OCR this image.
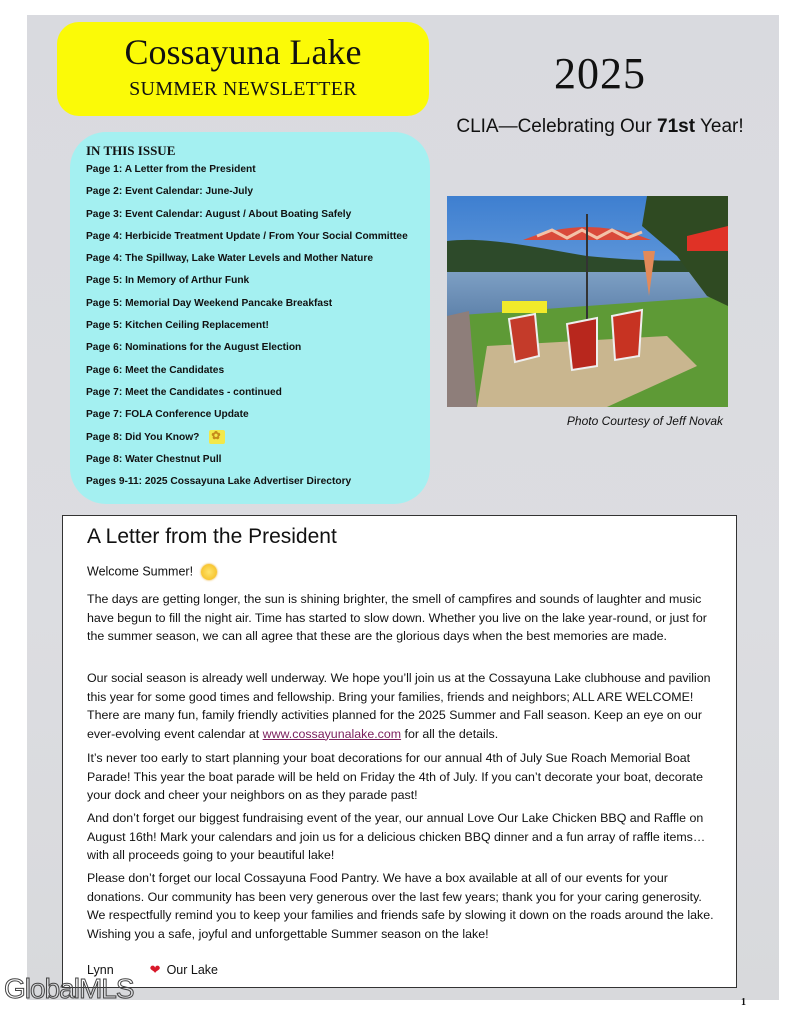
Cossayuna Lake
SUMMER NEWSLETTER	2025
CLIA—Celebrating Our 71st Year!
IN THIS ISSUE
Page 1: A Letter from the President
Page 2: Event Calendar: June-July
Page 3: Event Calendar: August / About Boating Safely
Page 4: Herbicide Treatment Update / From Your Social Committee
Page 4: The Spillway, Lake Water Levels and Mother Nature
Page 5: In Memory of Arthur Funk
Page 5: Memorial Day Weekend Pancake Breakfast
Page 5: Kitchen Ceiling Replacement!
Page 6: Nominations for the August Election
Page 6: Meet the Candidates
Page 7: Meet the Candidates - continued
Page 7: FOLA Conference Update
Page 8: Did You Know?✿
Page 8: Water Chestnut Pull
Pages 9-11: 2025 Cossayuna Lake Advertiser Directory
Photo Courtesy of Jeff Novak
A Letter from the President
Welcome Summer!

The days are getting longer, the sun is shining brighter, the smell of campfires and sounds of laughter and music have begun to fill the night air. Time has started to slow down. Whether you live on the lake year-round, or just for the summer season, we can all agree that these are the glorious days when the best memories are made.

Our social season is already well underway. We hope you’ll join us at the Cossayuna Lake clubhouse and pavilion this year for some good times and fellowship. Bring your families, friends and neighbors; ALL ARE WELCOME! There are many fun, family friendly activities planned for the 2025 Summer and Fall season. Keep an eye on our ever-evolving event calendar at www.cossayunalake.com for all the details.

It’s never too early to start planning your boat decorations for our annual 4th of July Sue Roach Memorial Boat Parade! This year the boat parade will be held on Friday the 4th of July. If you can’t decorate your boat, decorate your dock and cheer your neighbors on as they parade past!

And don’t forget our biggest fundraising event of the year, our annual Love Our Lake Chicken BBQ and Raffle on August 16th! Mark your calendars and join us for a delicious chicken BBQ dinner and a fun array of raffle items…with all proceeds going to your beautiful lake!

Please don’t forget our local Cossayuna Food Pantry. We have a box available at all of our events for your donations. Our community has been very generous over the last few years; thank you for your caring generosity. We respectfully remind you to keep your families and friends safe by slowing it down on the roads around the lake. Wishing you a safe, joyful and unforgettable Summer season on the lake!

Lynn	❤ Our Lake
1
GlobalMLS
